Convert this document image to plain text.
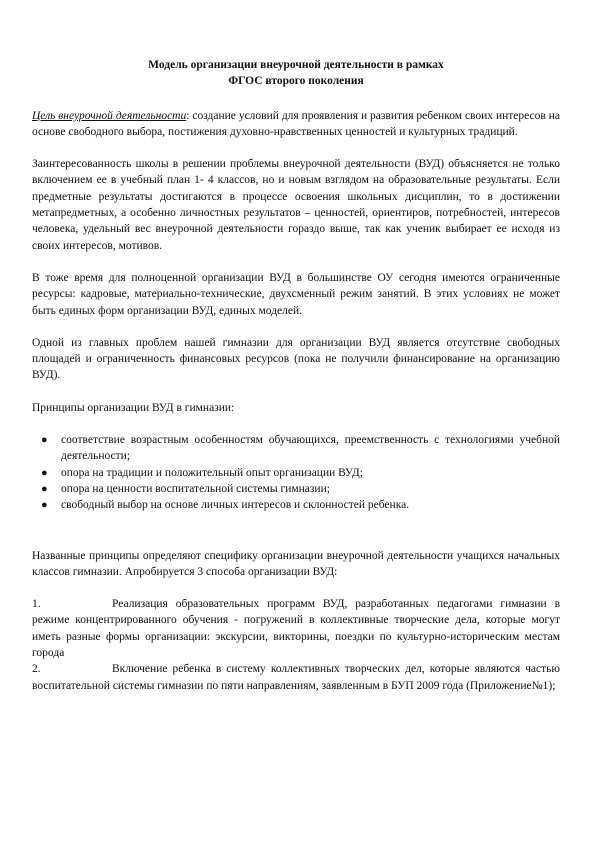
Модель организации внеурочной деятельности в рамках
ФГОС второго поколения

Цель внеурочной деятельности: создание условий для проявления и развития ребенком своих интересов на основе свободного выбора, постижения духовно-нравственных ценностей и культурных традиций.

Заинтересованность школы в решении проблемы внеурочной деятельности (ВУД) объясняется не только включением ее в учебный план 1- 4 классов, но и новым взглядом на образовательные результаты. Если предметные результаты достигаются в процессе освоения школьных дисциплин, то в достижении метапредметных, а особенно личностных результатов – ценностей, ориентиров, потребностей, интересов человека, удельный вес внеурочной деятельности гораздо выше, так как ученик выбирает ее исходя из своих интересов, мотивов.

В тоже время для полноценной организации ВУД в большинстве ОУ сегодня имеются ограниченные ресурсы: кадровые, материально-технические, двухсменный режим занятий. В этих условиях не может быть единых форм организации ВУД, единых моделей.

Одной из главных проблем нашей гимназии для организации ВУД является отсутствие свободных площадей и ограниченность финансовых ресурсов (пока не получили финансирование на организацию ВУД).

Принципы организации ВУД в гимназии:

● соответствие возрастным особенностям обучающихся, преемственность с технологиями учебной деятельности;
● опора на традиции и положительный опыт организации ВУД;
● опора на ценности воспитательной системы гимназии;
● свободный выбор на основе личных интересов и склонностей ребенка.

Названные принципы определяют специфику организации внеурочной деятельности учащихся начальных классов гимназии. Апробируется 3 способа организации ВУД:

1.	Реализация образовательных программ ВУД, разработанных педагогами гимназии в режиме концентрированного обучения - погружений в коллективные творческие дела, которые могут иметь разные формы организации: экскурсии, викторины, поездки по культурно-историческим местам города
2.	Включение ребенка в систему коллективных творческих дел, которые являются частью воспитательной системы гимназии по пяти направлениям, заявленным в БУП 2009 года (Приложение№1);
